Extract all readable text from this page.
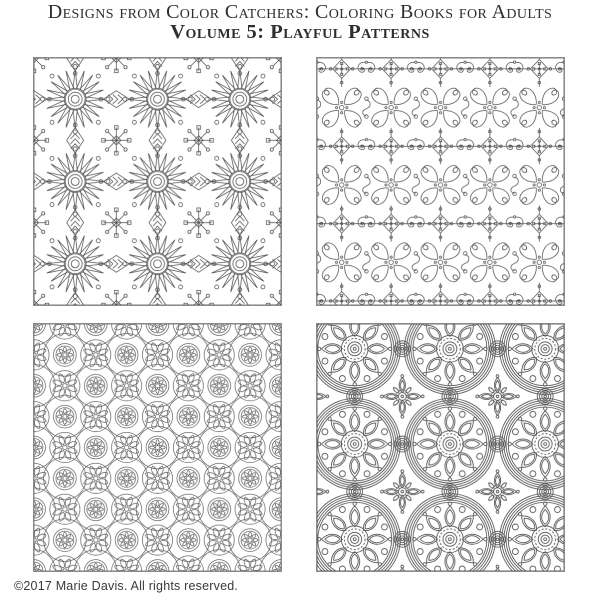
Designs from Color Catchers: Coloring Books for Adults
Volume 5: Playful Patterns
©2017 Marie Davis. All rights reserved.
